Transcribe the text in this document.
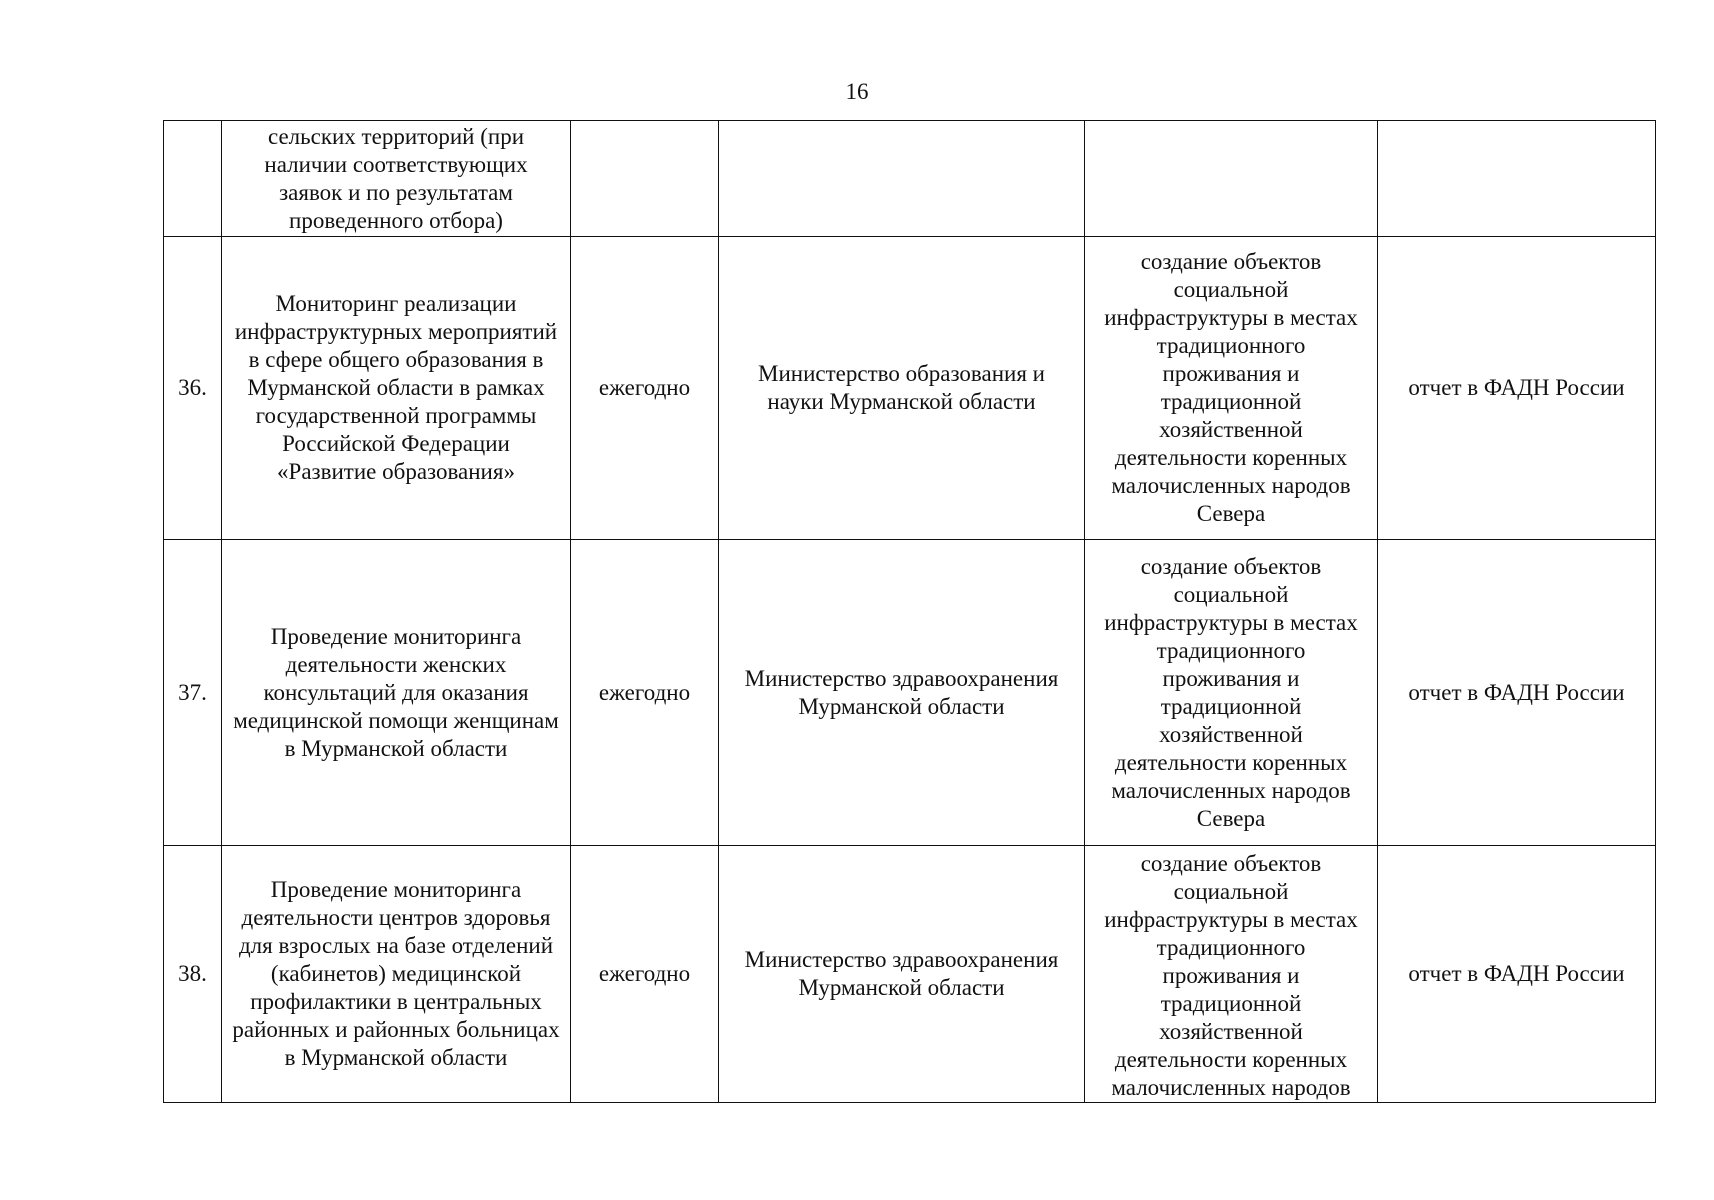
16
	сельских территорий (при наличии соответствующих заявок и по результатам проведенного отбора)				
36.	Мониторинг реализации инфраструктурных мероприятий в сфере общего образования в Мурманской области в рамках государственной программы Российской Федерации «Развитие образования»	ежегодно	Министерство образования и науки Мурманской области	создание объектов социальной инфраструктуры в местах традиционного проживания и традиционной хозяйственной деятельности коренных малочисленных народов Севера	отчет в ФАДН России
37.	Проведение мониторинга деятельности женских консультаций для оказания медицинской помощи женщинам в Мурманской области	ежегодно	Министерство здравоохранения Мурманской области	создание объектов социальной инфраструктуры в местах традиционного проживания и традиционной хозяйственной деятельности коренных малочисленных народов Севера	отчет в ФАДН России
38.	Проведение мониторинга деятельности центров здоровья для взрослых на базе отделений (кабинетов) медицинской профилактики в центральных районных и районных больницах в Мурманской области	ежегодно	Министерство здравоохранения Мурманской области	создание объектов социальной инфраструктуры в местах традиционного проживания и традиционной хозяйственной деятельности коренных малочисленных народов	отчет в ФАДН России
